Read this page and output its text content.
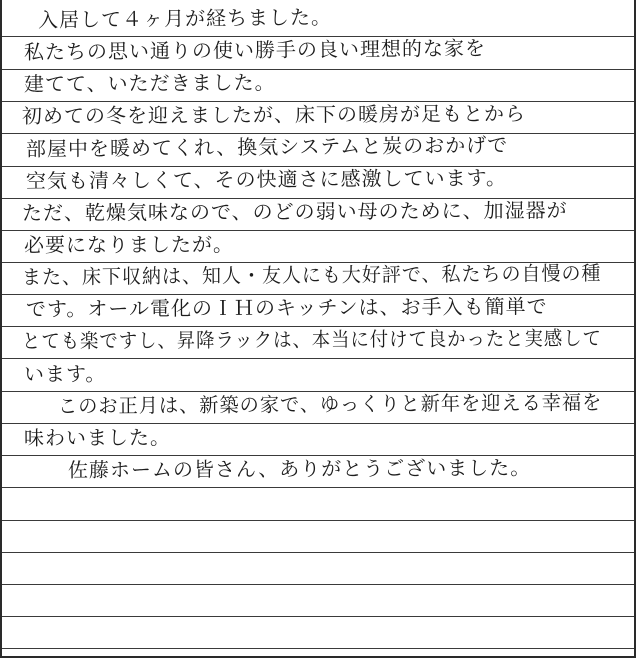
入居して４ヶ月が経ちました。
私たちの思い通りの使い勝手の良い理想的な家を
建てて、いただきました。
初めての冬を迎えましたが、床下の暖房が足もとから
部屋中を暖めてくれ、換気システムと炭のおかげで
空気も清々しくて、その快適さに感激しています。
ただ、乾燥気味なので、のどの弱い母のために、加湿器が
必要になりましたが。
また、床下収納は、知人・友人にも大好評で、私たちの自慢の種
です。オール電化のＩＨのキッチンは、お手入も簡単で
とても楽ですし、昇降ラックは、本当に付けて良かったと実感して
います。
このお正月は、新築の家で、ゆっくりと新年を迎える幸福を
味わいました。
佐藤ホームの皆さん、ありがとうございました。
